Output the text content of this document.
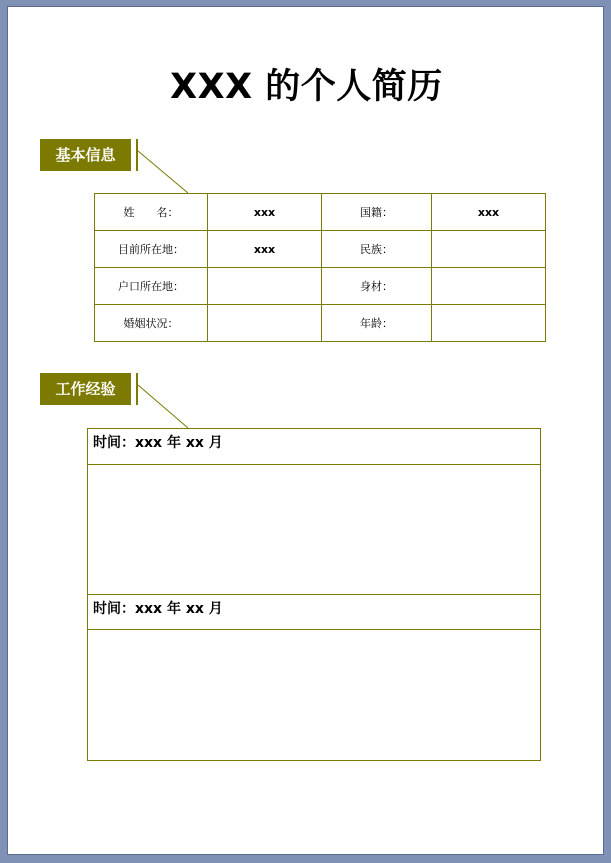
XXX 的个人简历
基本信息
姓　　名：	xxx	国籍：	xxx
目前所在地：	xxx	民族：	
户口所在地：		身材：	
婚姻状况：		年龄：	
工作经验
时间：xxx 年 xx 月
时间：xxx 年 xx 月
